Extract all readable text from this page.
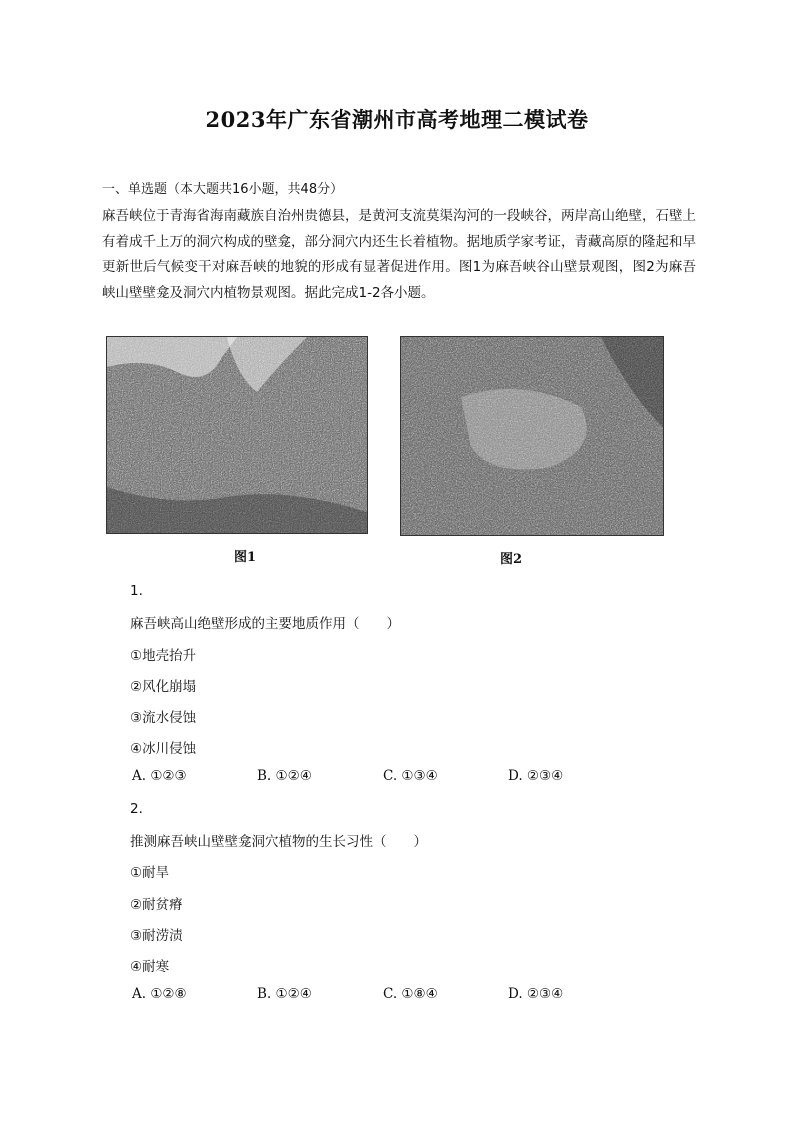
2023年广东省潮州市高考地理二模试卷
一、单选题（本大题共16小题，共48分）
麻吾峡位于青海省海南藏族自治州贵德县，是黄河支流莫渠沟河的一段峡谷，两岸高山绝壁，石壁上有着成千上万的洞穴构成的壁龛，部分洞穴内还生长着植物。据地质学家考证，青藏高原的隆起和早更新世后气候变干对麻吾峡的地貌的形成有显著促进作用。图1为麻吾峡谷山壁景观图，图2为麻吾峡山壁壁龛及洞穴内植物景观图。据此完成1-2各小题。
图1	图2
1.
麻吾峡高山绝壁形成的主要地质作用（　　）
①地壳抬升
②风化崩塌
③流水侵蚀
④冰川侵蚀
A. ①②③	B. ①②④	C. ①③④	D. ②③④
2.
推测麻吾峡山壁壁龛洞穴植物的生长习性（　　）
①耐旱
②耐贫瘠
③耐涝渍
④耐寒
A. ①②⑧	B. ①②④	C. ①⑧④	D. ②③④
